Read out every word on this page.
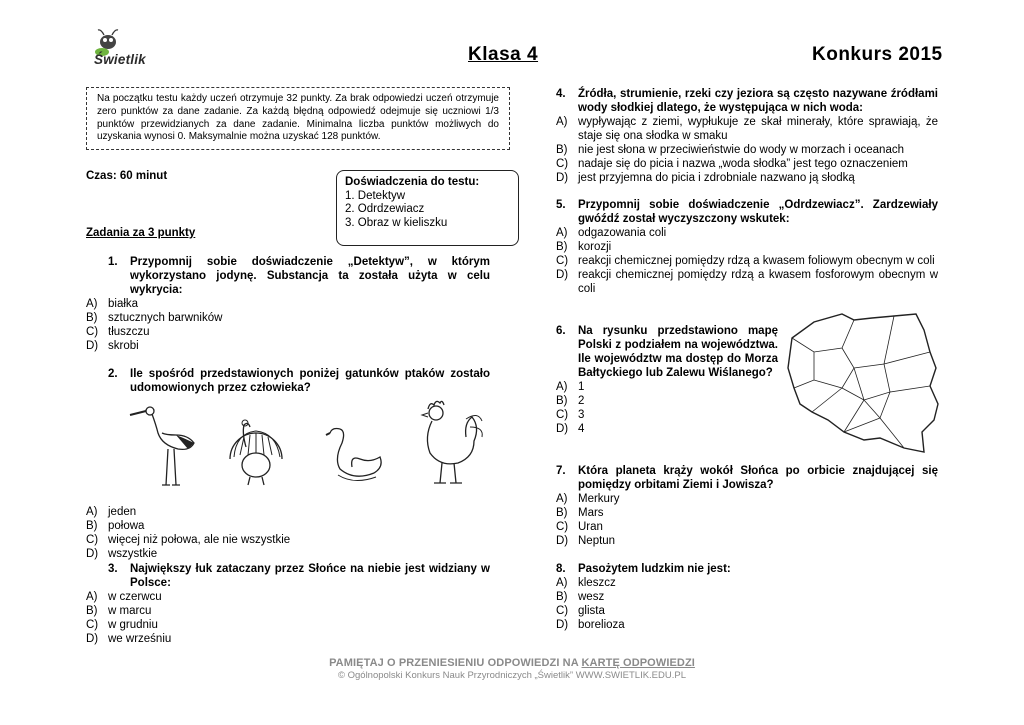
Świetlik	Klasa 4	Konkurs 2015
Na początku testu każdy uczeń otrzymuje 32 punkty. Za brak odpowiedzi uczeń otrzymuje zero punktów za dane zadanie. Za każdą błędną odpowiedź odejmuje się uczniowi 1/3 punktów przewidzianych za dane zadanie. Minimalna liczba punktów możliwych do uzyskania wynosi 0. Maksymalnie można uzyskać 128 punktów.
Czas: 60 minut	Doświadczenia do testu:
1. Detektyw
2. Odrdzewiacz
3. Obraz w kieliszku
Zadania za 3 punkty
1. Przypomnij sobie doświadczenie „Detektyw”, w którym wykorzystano jodynę. Substancja ta została użyta w celu wykrycia:
A) białka
B) sztucznych barwników
C) tłuszczu
D) skrobi
2. Ile spośród przedstawionych poniżej gatunków ptaków zostało udomowionych przez człowieka?
A) jeden
B) połowa
C) więcej niż połowa, ale nie wszystkie
D) wszystkie
3. Największy łuk zataczany przez Słońce na niebie jest widziany w Polsce:
A) w czerwcu
B) w marcu
C) w grudniu
D) we wrześniu
4. Źródła, strumienie, rzeki czy jeziora są często nazywane źródłami wody słodkiej dlatego, że występująca w nich woda:
A) wypływając z ziemi, wypłukuje ze skał minerały, które sprawiają, że staje się ona słodka w smaku
B) nie jest słona w przeciwieństwie do wody w morzach i oceanach
C) nadaje się do picia i nazwa „woda słodka” jest tego oznaczeniem
D) jest przyjemna do picia i zdrobniale nazwano ją słodką
5. Przypomnij sobie doświadczenie „Odrdzewiacz”. Zardzewiały gwóźdź został wyczyszczony wskutek:
A) odgazowania coli
B) korozji
C) reakcji chemicznej pomiędzy rdzą a kwasem foliowym obecnym w coli
D) reakcji chemicznej pomiędzy rdzą a kwasem fosforowym obecnym w coli
6. Na rysunku przedstawiono mapę Polski z podziałem na województwa. Ile województw ma dostęp do Morza Bałtyckiego lub Zalewu Wiślanego?
A) 1
B) 2
C) 3
D) 4
7. Która planeta krąży wokół Słońca po orbicie znajdującej się pomiędzy orbitami Ziemi i Jowisza?
A) Merkury
B) Mars
C) Uran
D) Neptun
8. Pasożytem ludzkim nie jest:
A) kleszcz
B) wesz
C) glista
D) borelioza
PAMIĘTAJ O PRZENIESIENIU ODPOWIEDZI NA KARTĘ ODPOWIEDZI
© Ogólnopolski Konkurs Nauk Przyrodniczych „Świetlik” WWW.SWIETLIK.EDU.PL
